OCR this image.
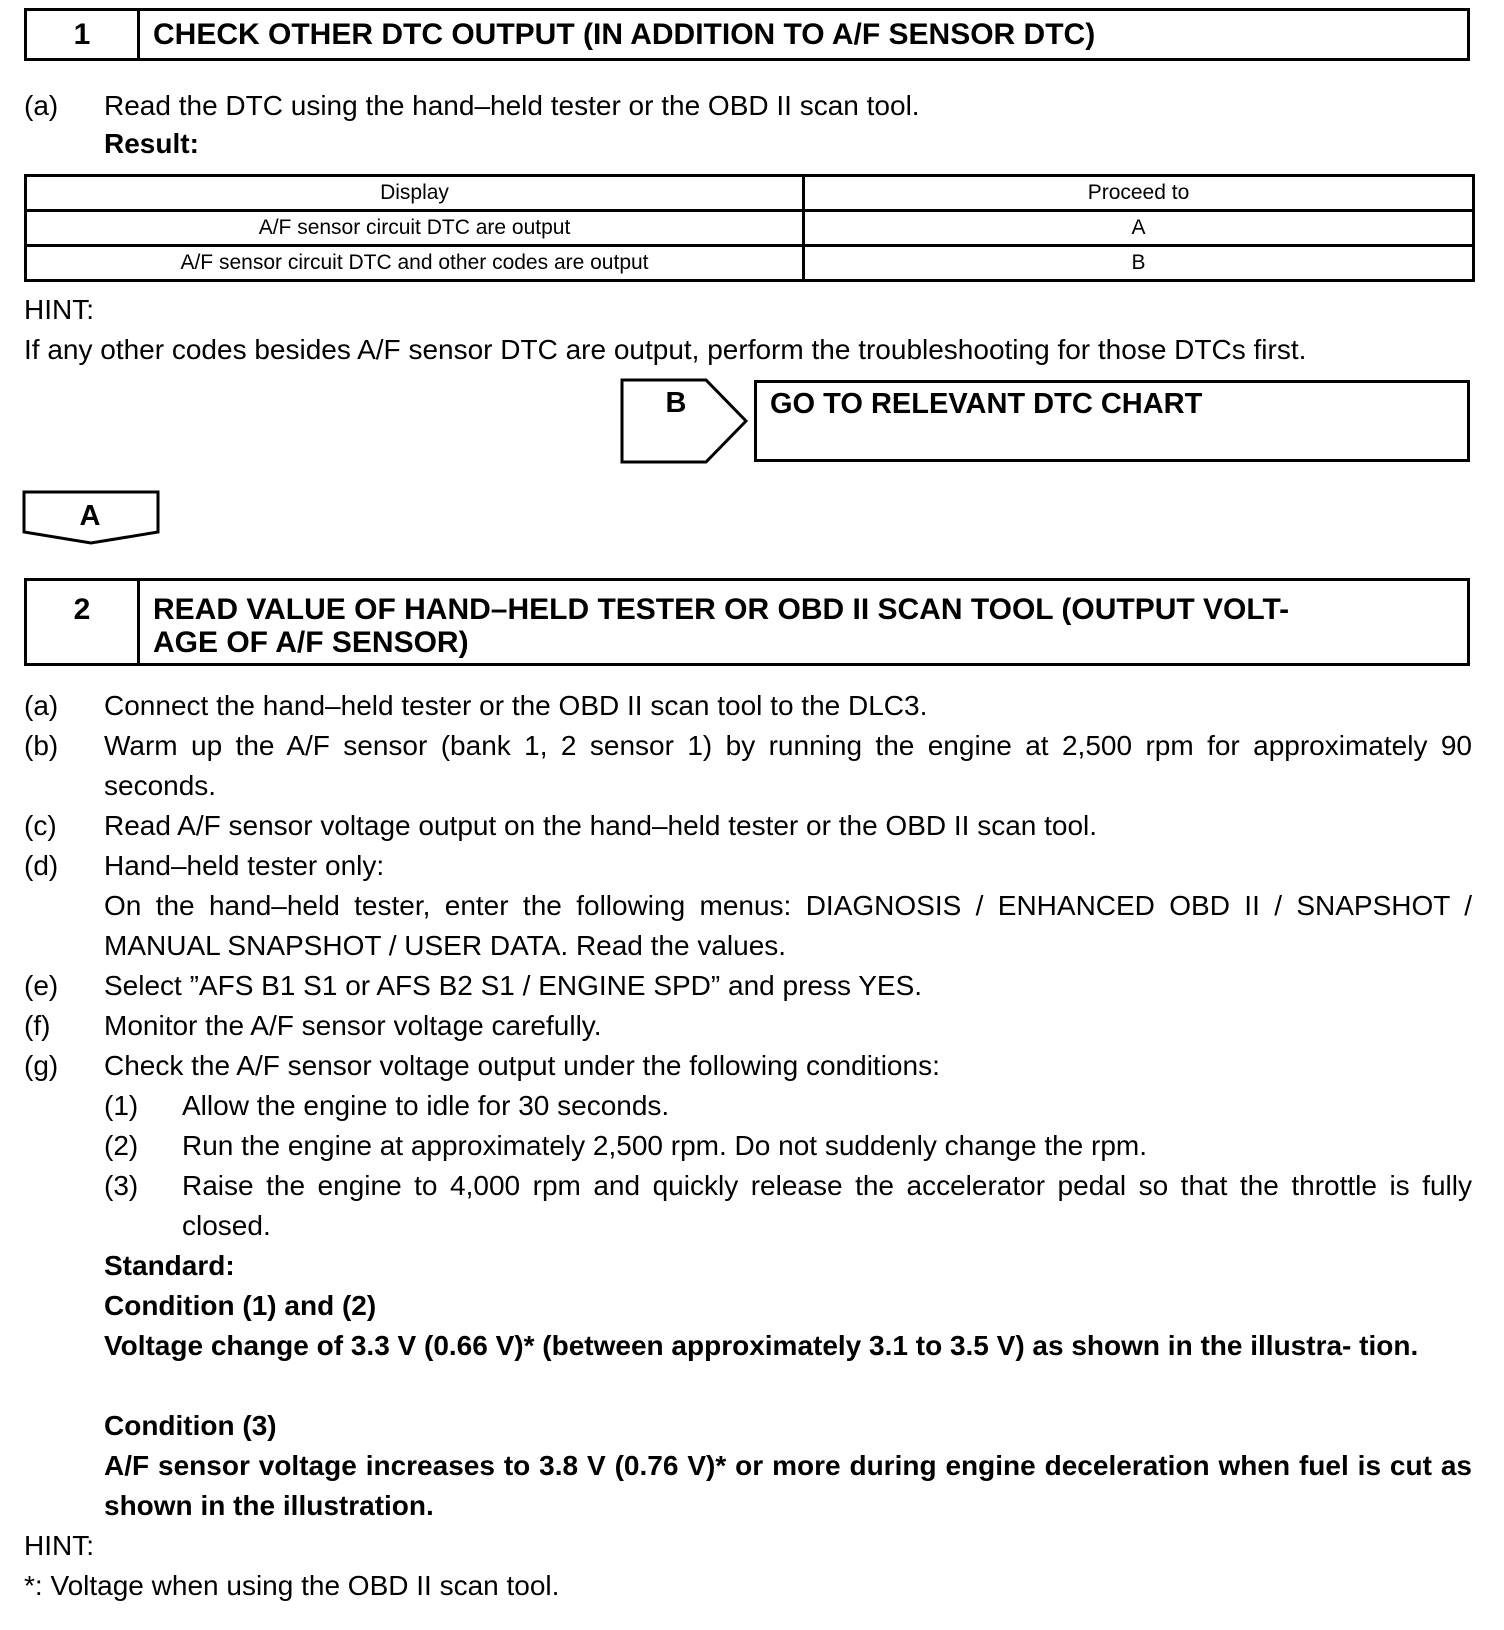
1	CHECK OTHER DTC OUTPUT (IN ADDITION TO A/F SENSOR DTC)
(a) Read the DTC using the hand–held tester or the OBD II scan tool.
Result:
Display	Proceed to
A/F sensor circuit DTC are output	A
A/F sensor circuit DTC and other codes are output	B
HINT:
If any other codes besides A/F sensor DTC are output, perform the troubleshooting for those DTCs first.
B	GO TO RELEVANT DTC CHART
A
2	READ VALUE OF HAND–HELD TESTER OR OBD II SCAN TOOL (OUTPUT VOLT-
AGE OF A/F SENSOR)
(a) Connect the hand–held tester or the OBD II scan tool to the DLC3.
(b) Warm up the A/F sensor (bank 1, 2 sensor 1) by running the engine at 2,500 rpm for approximately 90 seconds.
(c) Read A/F sensor voltage output on the hand–held tester or the OBD II scan tool.
(d) Hand–held tester only:
On the hand–held tester, enter the following menus: DIAGNOSIS / ENHANCED OBD II / SNAPSHOT / MANUAL SNAPSHOT / USER DATA. Read the values.
(e) Select ”AFS B1 S1 or AFS B2 S1 / ENGINE SPD” and press YES.
(f) Monitor the A/F sensor voltage carefully.
(g) Check the A/F sensor voltage output under the following conditions:
(1) Allow the engine to idle for 30 seconds.
(2) Run the engine at approximately 2,500 rpm. Do not suddenly change the rpm.
(3) Raise the engine to 4,000 rpm and quickly release the accelerator pedal so that the throttle is fully closed.
Standard:
Condition (1) and (2)
Voltage change of 3.3 V (0.66 V)* (between approximately 3.1 to 3.5 V) as shown in the illustra- tion.
Condition (3)
A/F sensor voltage increases to 3.8 V (0.76 V)* or more during engine deceleration when fuel is cut as shown in the illustration.
HINT:
*: Voltage when using the OBD II scan tool.
